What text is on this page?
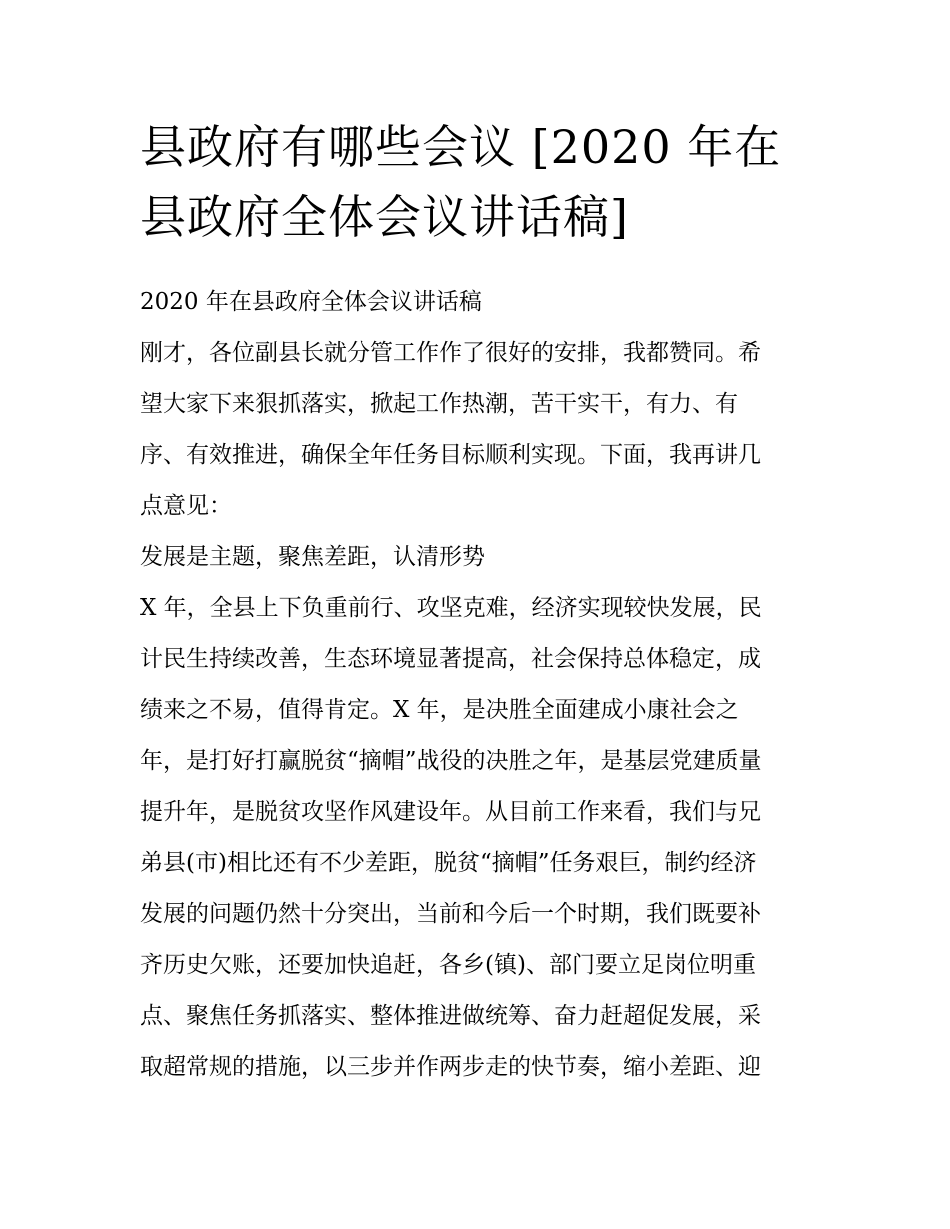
县政府有哪些会议 [2020 年在
县政府全体会议讲话稿]

2020 年在县政府全体会议讲话稿

刚才，各位副县长就分管工作作了很好的安排，我都赞同。希
望大家下来狠抓落实，掀起工作热潮，苦干实干，有力、有
序、有效推进，确保全年任务目标顺利实现。下面，我再讲几
点意见：

发展是主题，聚焦差距，认清形势

X 年，全县上下负重前行、攻坚克难，经济实现较快发展，民
计民生持续改善，生态环境显著提高，社会保持总体稳定，成
绩来之不易，值得肯定。X 年，是决胜全面建成小康社会之
年，是打好打赢脱贫“摘帽”战役的决胜之年，是基层党建质量
提升年，是脱贫攻坚作风建设年。从目前工作来看，我们与兄
弟县(市)相比还有不少差距，脱贫“摘帽”任务艰巨，制约经济
发展的问题仍然十分突出，当前和今后一个时期，我们既要补
齐历史欠账，还要加快追赶，各乡(镇)、部门要立足岗位明重
点、聚焦任务抓落实、整体推进做统筹、奋力赶超促发展，采
取超常规的措施，以三步并作两步走的快节奏，缩小差距、迎
